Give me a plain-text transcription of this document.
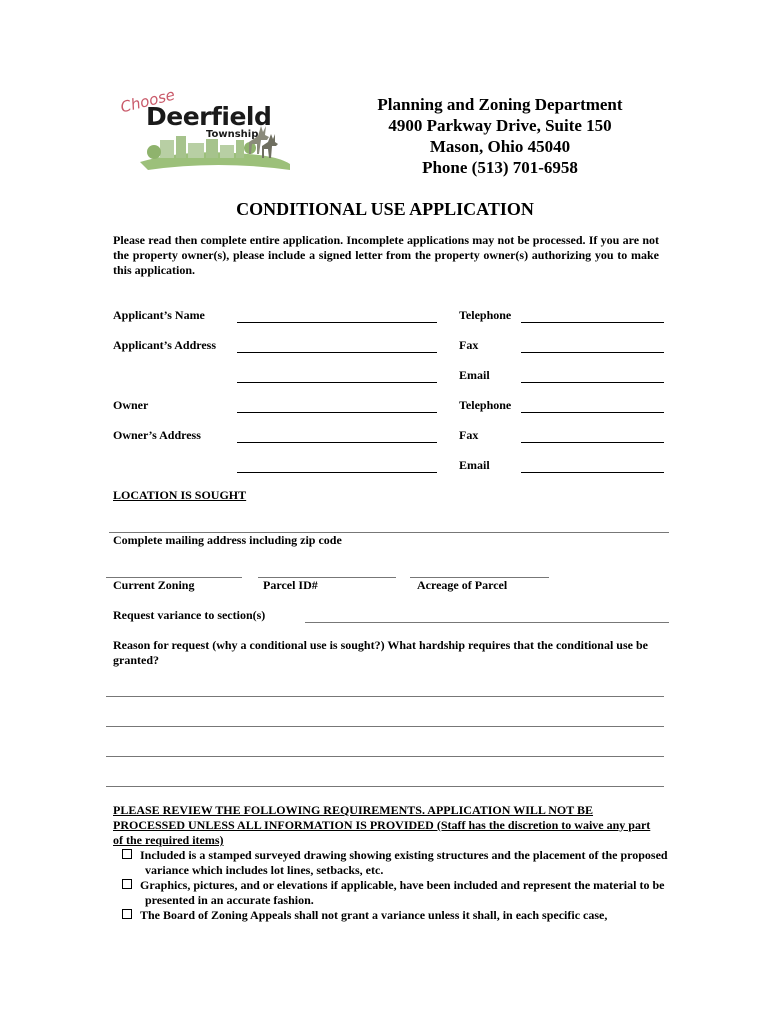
Choose
Deerfield
Township
Planning and Zoning Department
4900 Parkway Drive, Suite 150
Mason, Ohio 45040
Phone (513) 701-6958
CONDITIONAL USE APPLICATION
Please read then complete entire application. Incomplete applications may not be processed. If you are not the property owner(s), please include a signed letter from the property owner(s) authorizing you to make this application.
Applicant’s Name	Telephone
Applicant’s Address	Fax
Email
Owner	Telephone
Owner’s Address	Fax
Email
LOCATION IS SOUGHT
Complete mailing address including zip code
Current Zoning	Parcel ID#	Acreage of Parcel
Request variance to section(s)
Reason for request (why a conditional use is sought?) What hardship requires that the conditional use be granted?
PLEASE REVIEW THE FOLLOWING REQUIREMENTS. APPLICATION WILL NOT BE PROCESSED UNLESS ALL INFORMATION IS PROVIDED (Staff has the discretion to waive any part of the required items)
Included is a stamped surveyed drawing showing existing structures and the placement of the proposed variance which includes lot lines, setbacks, etc.
Graphics, pictures, and or elevations if applicable, have been included and represent the material to be presented in an accurate fashion.
The Board of Zoning Appeals shall not grant a variance unless it shall, in each specific case,
